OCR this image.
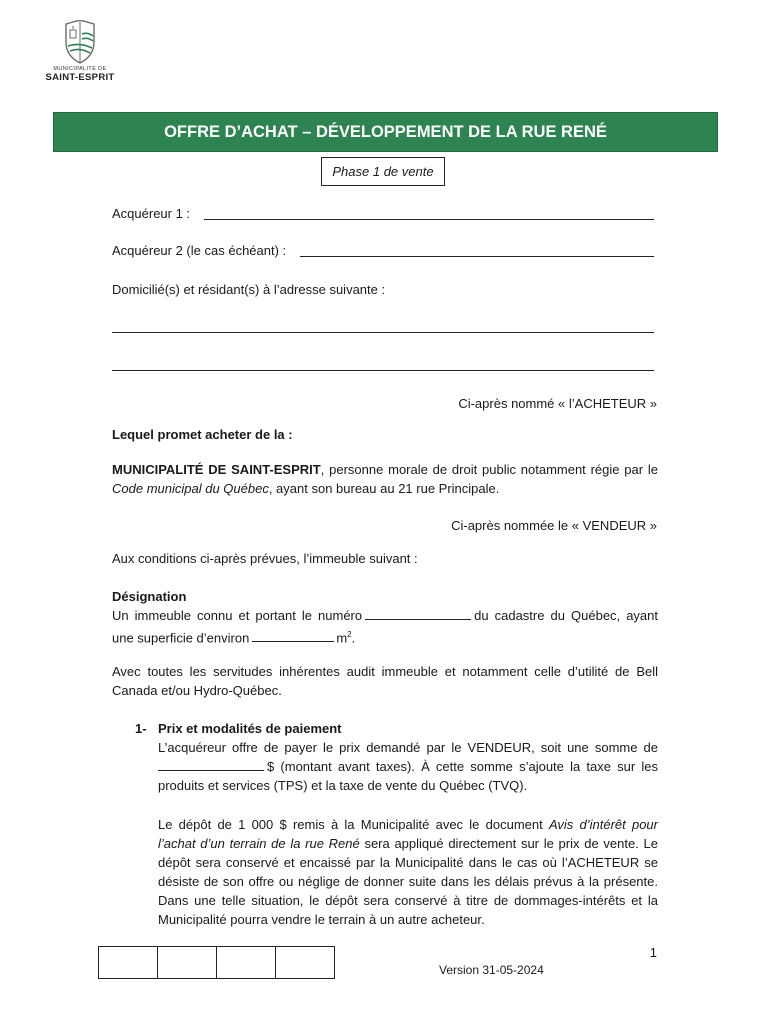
MUNICIPALITÉ DE
SAINT-ESPRIT
OFFRE D’ACHAT – DÉVELOPPEMENT DE LA RUE RENÉ
Phase 1 de vente
Acquéreur 1 :
Acquéreur 2 (le cas échéant) :
Domicilié(s) et résidant(s) à l’adresse suivante :
Ci-après nommé « l’ACHETEUR »
Lequel promet acheter de la :
MUNICIPALITÉ DE SAINT-ESPRIT, personne morale de droit public notamment régie par le Code municipal du Québec, ayant son bureau au 21 rue Principale.
Ci-après nommée le « VENDEUR »
Aux conditions ci-après prévues, l’immeuble suivant :
Désignation
Un immeuble connu et portant le numéro	du cadastre du Québec, ayant une superficie d’environ	$m^2$.
Avec toutes les servitudes inhérentes audit immeuble et notamment celle d’utilité de Bell Canada et/ou Hydro-Québec.
1- Prix et modalités de paiement
L’acquéreur offre de payer le prix demandé par le VENDEUR, soit une somme de $ (montant avant taxes). À cette somme s’ajoute la taxe sur les produits et services (TPS) et la taxe de vente du Québec (TVQ).
Le dépôt de 1 000 $ remis à la Municipalité avec le document Avis d’intérêt pour l’achat d’un terrain de la rue René sera appliqué directement sur le prix de vente. Le dépôt sera conservé et encaissé par la Municipalité dans le cas où l’ACHETEUR se désiste de son offre ou néglige de donner suite dans les délais prévus à la présente. Dans une telle situation, le dépôt sera conservé à titre de dommages-intérêts et la Municipalité pourra vendre le terrain à un autre acheteur.
1
Version 31-05-2024
